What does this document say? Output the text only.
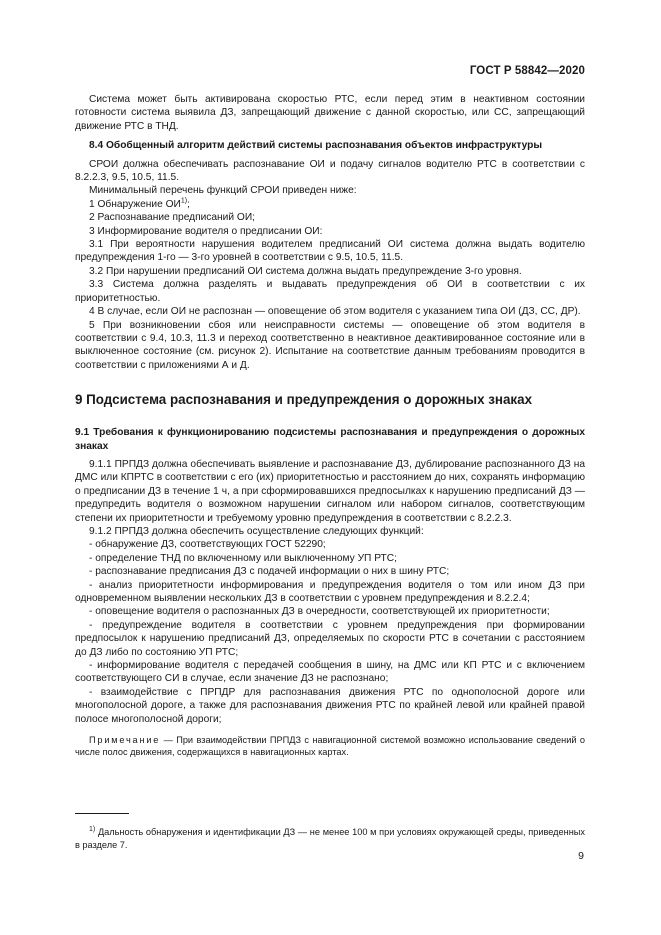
ГОСТ Р 58842—2020

Система может быть активирована скоростью РТС, если перед этим в неактивном состоянии готовности система выявила ДЗ, запрещающий движение с данной скоростью, или СС, запрещающий движение РТС в ТНД.

8.4 Обобщенный алгоритм действий системы распознавания объектов инфраструктуры

СРОИ должна обеспечивать распознавание ОИ и подачу сигналов водителю РТС в соответствии с 8.2.2.3, 9.5, 10.5, 11.5.

Минимальный перечень функций СРОИ приведен ниже:

1 Обнаружение ОИ$^{1)}$;

2 Распознавание предписаний ОИ;

3 Информирование водителя о предписании ОИ:

3.1 При вероятности нарушения водителем предписаний ОИ система должна выдать водителю предупреждения 1-го — 3-го уровней в соответствии с 9.5, 10.5, 11.5.

3.2 При нарушении предписаний ОИ система должна выдать предупреждение 3-го уровня.

3.3 Система должна разделять и выдавать предупреждения об ОИ в соответствии с их приоритетностью.

4 В случае, если ОИ не распознан — оповещение об этом водителя с указанием типа ОИ (ДЗ, СС, ДР).

5 При возникновении сбоя или неисправности системы — оповещение об этом водителя в соответствии с 9.4, 10.3, 11.3 и переход соответственно в неактивное деактивированное состояние или в выключенное состояние (см. рисунок 2). Испытание на соответствие данным требованиям проводится в соответствии с приложениями А и Д.

9 Подсистема распознавания и предупреждения о дорожных знаках

9.1 Требования к функционированию подсистемы распознавания и предупреждения о дорожных знаках

9.1.1 ПРПДЗ должна обеспечивать выявление и распознавание ДЗ, дублирование распознанного ДЗ на ДМС или КПРТС в соответствии с его (их) приоритетностью и расстоянием до них, сохранять информацию о предписании ДЗ в течение 1 ч, а при сформировавшихся предпосылках к нарушению предписаний ДЗ — предупредить водителя о возможном нарушении сигналом или набором сигналов, соответствующим степени их приоритетности и требуемому уровню предупреждения в соответствии с 8.2.2.3.

9.1.2 ПРПДЗ должна обеспечить осуществление следующих функций:

- обнаружение ДЗ, соответствующих ГОСТ 52290;

- определение ТНД по включенному или выключенному УП РТС;

- распознавание предписания ДЗ с подачей информации о них в шину РТС;

- анализ приоритетности информирования и предупреждения водителя о том или ином ДЗ при одновременном выявлении нескольких ДЗ в соответствии с уровнем предупреждения и 8.2.2.4;

- оповещение водителя о распознанных ДЗ в очередности, соответствующей их приоритетности;

- предупреждение водителя в соответствии с уровнем предупреждения при формировании предпосылок к нарушению предписаний ДЗ, определяемых по скорости РТС в сочетании с расстоянием до ДЗ либо по состоянию УП РТС;

- информирование водителя с передачей сообщения в шину, на ДМС или КП РТС и с включением соответствующего СИ в случае, если значение ДЗ не распознано;

- взаимодействие с ПРПДР для распознавания движения РТС по однополосной дороге или многополосной дороге, а также для распознавания движения РТС по крайней левой или крайней правой полосе многополосной дороги;

Примечание — При взаимодействии ПРПДЗ с навигационной системой возможно использование сведений о числе полос движения, содержащихся в навигационных картах.

$^{1)}$ Дальность обнаружения и идентификации ДЗ — не менее 100 м при условиях окружающей среды, приведенных в разделе 7.

9
